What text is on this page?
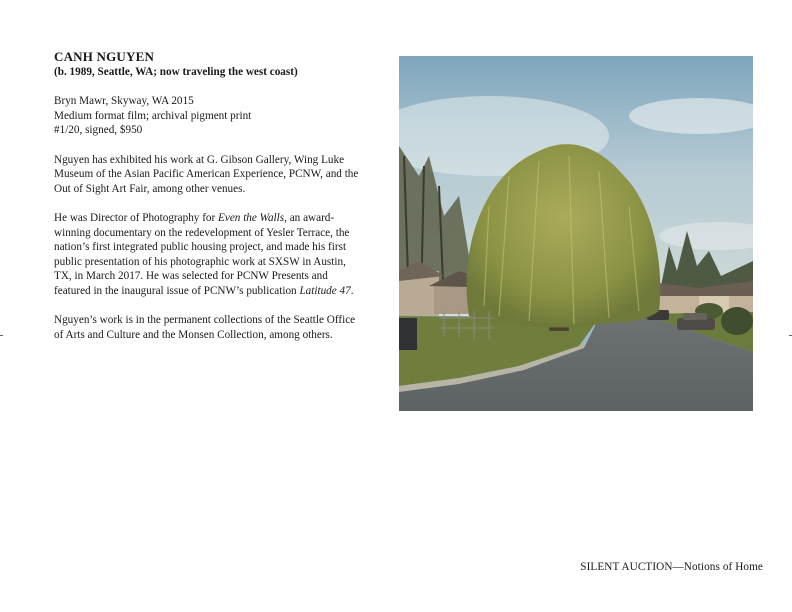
CANH NGUYEN
(b. 1989, Seattle, WA; now traveling the west coast)
Bryn Mawr, Skyway, WA 2015
Medium format film; archival pigment print
#1/20, signed, $950

Nguyen has exhibited his work at G. Gibson Gallery, Wing Luke Museum of the Asian Pacific American Experience, PCNW, and the Out of Sight Art Fair, among other venues.

He was Director of Photography for Even the Walls, an award-winning documentary on the redevelopment of Yesler Terrace, the nation’s first integrated public housing project, and made his first public presentation of his photographic work at SXSW in Austin, TX, in March 2017. He was selected for PCNW Presents and featured in the inaugural issue of PCNW’s publication Latitude 47.

Nguyen’s work is in the permanent collections of the Seattle Office of Arts and Culture and the Monsen Collection, among others.

SILENT AUCTION—Notions of Home
